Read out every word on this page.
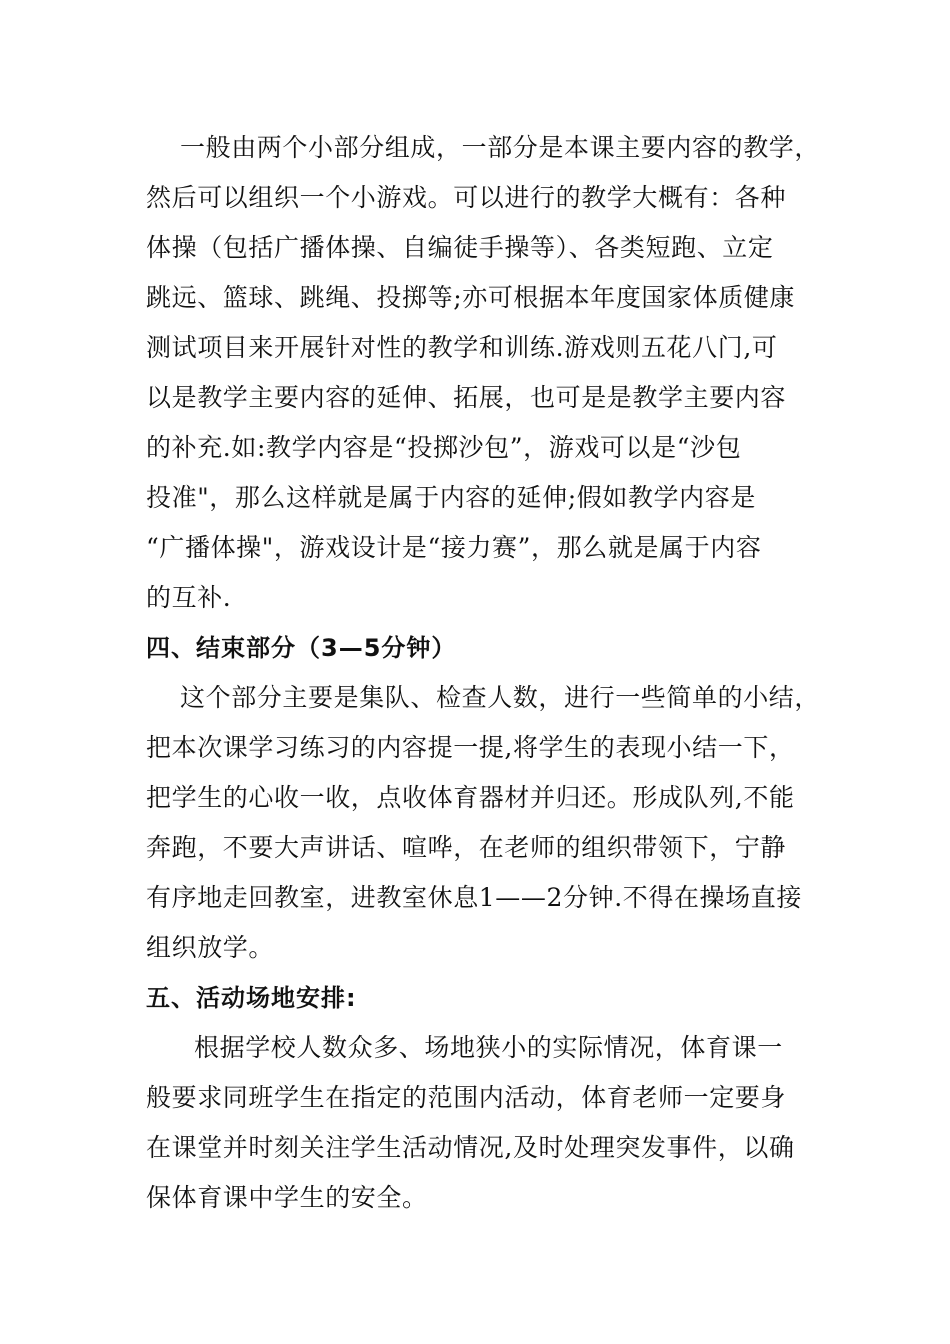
一般由两个小部分组成，一部分是本课主要内容的教学，
然后可以组织一个小游戏。可以进行的教学大概有：各种
体操（包括广播体操、自编徒手操等）、各类短跑、立定
跳远、篮球、跳绳、投掷等;亦可根据本年度国家体质健康
测试项目来开展针对性的教学和训练.游戏则五花八门,可
以是教学主要内容的延伸、拓展，也可是是教学主要内容
的补充.如:教学内容是“投掷沙包”，游戏可以是“沙包
投准"，那么这样就是属于内容的延伸;假如教学内容是
“广播体操"，游戏设计是“接力赛”，那么就是属于内容
的互补.
四、结束部分（3—5分钟）
这个部分主要是集队、检查人数，进行一些简单的小结，
把本次课学习练习的内容提一提,将学生的表现小结一下，
把学生的心收一收，点收体育器材并归还。形成队列,不能
奔跑，不要大声讲话、喧哗，在老师的组织带领下，宁静
有序地走回教室，进教室休息1——2分钟.不得在操场直接
组织放学。
五、活动场地安排:
根据学校人数众多、场地狭小的实际情况，体育课一
般要求同班学生在指定的范围内活动，体育老师一定要身
在课堂并时刻关注学生活动情况,及时处理突发事件，以确
保体育课中学生的安全。
